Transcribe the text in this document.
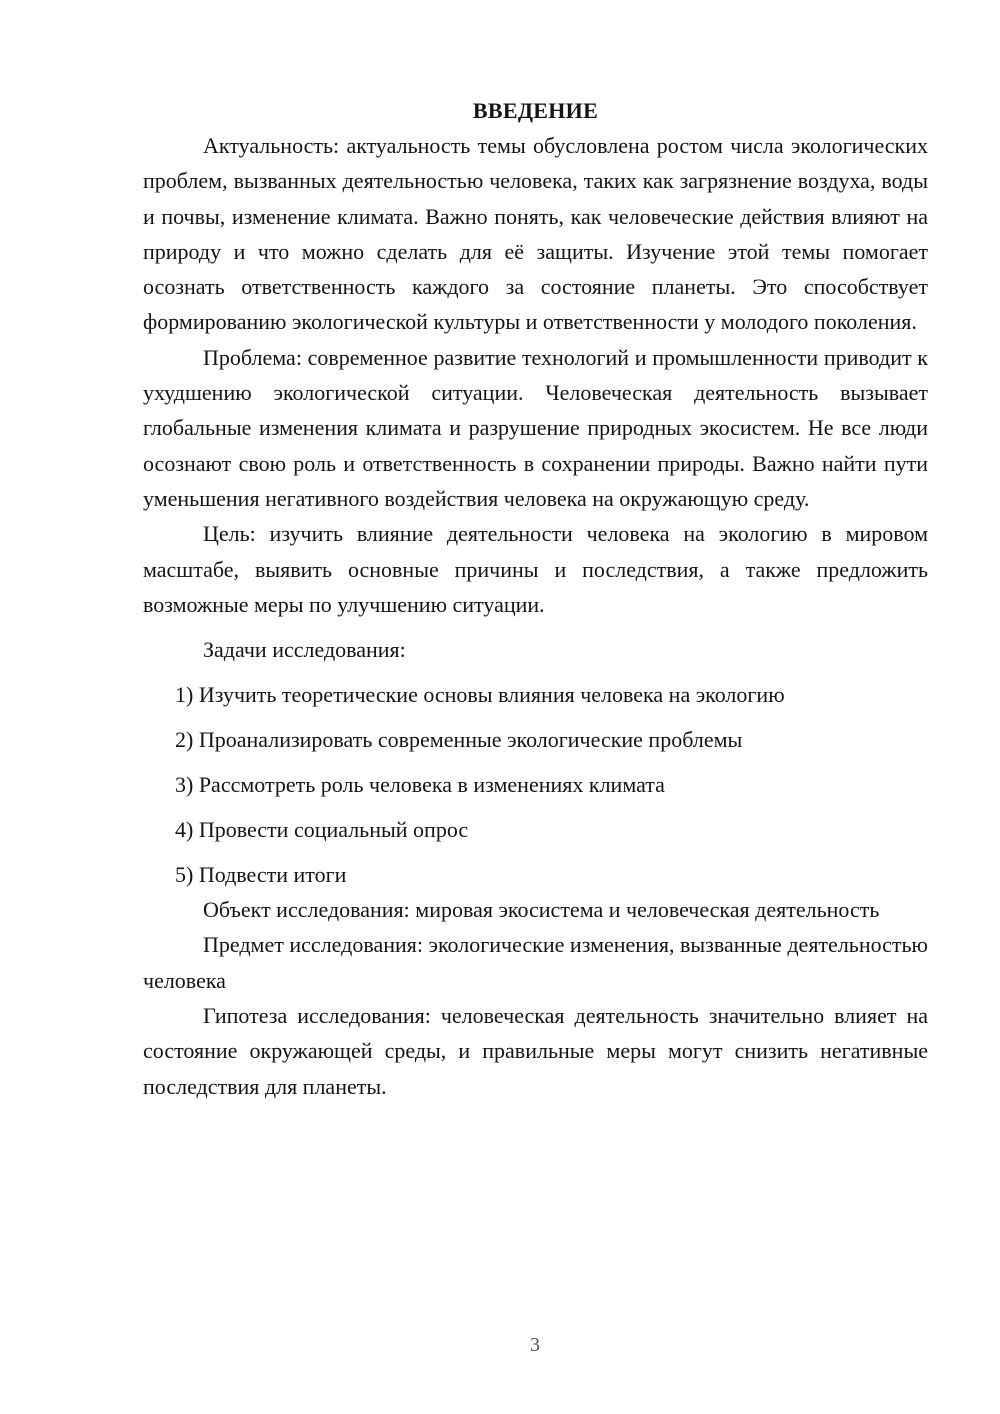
ВВЕДЕНИЕ

Актуальность: актуальность темы обусловлена ростом числа экологических проблем, вызванных деятельностью человека, таких как загрязнение воздуха, воды и почвы, изменение климата. Важно понять, как человеческие действия влияют на природу и что можно сделать для её защиты. Изучение этой темы помогает осознать ответственность каждого за состояние планеты. Это способствует формированию экологической культуры и ответственности у молодого поколения.

Проблема: современное развитие технологий и промышленности приводит к ухудшению экологической ситуации. Человеческая деятельность вызывает глобальные изменения климата и разрушение природных экосистем. Не все люди осознают свою роль и ответственность в сохранении природы. Важно найти пути уменьшения негативного воздействия человека на окружающую среду.

Цель: изучить влияние деятельности человека на экологию в мировом масштабе, выявить основные причины и последствия, а также предложить возможные меры по улучшению ситуации.

Задачи исследования:
1) Изучить теоретические основы влияния человека на экологию
2) Проанализировать современные экологические проблемы
3) Рассмотреть роль человека в изменениях климата
4) Провести социальный опрос
5) Подвести итоги

Объект исследования: мировая экосистема и человеческая деятельность

Предмет исследования: экологические изменения, вызванные деятельностью человека

Гипотеза исследования: человеческая деятельность значительно влияет на состояние окружающей среды, и правильные меры могут снизить негативные последствия для планеты.

3
